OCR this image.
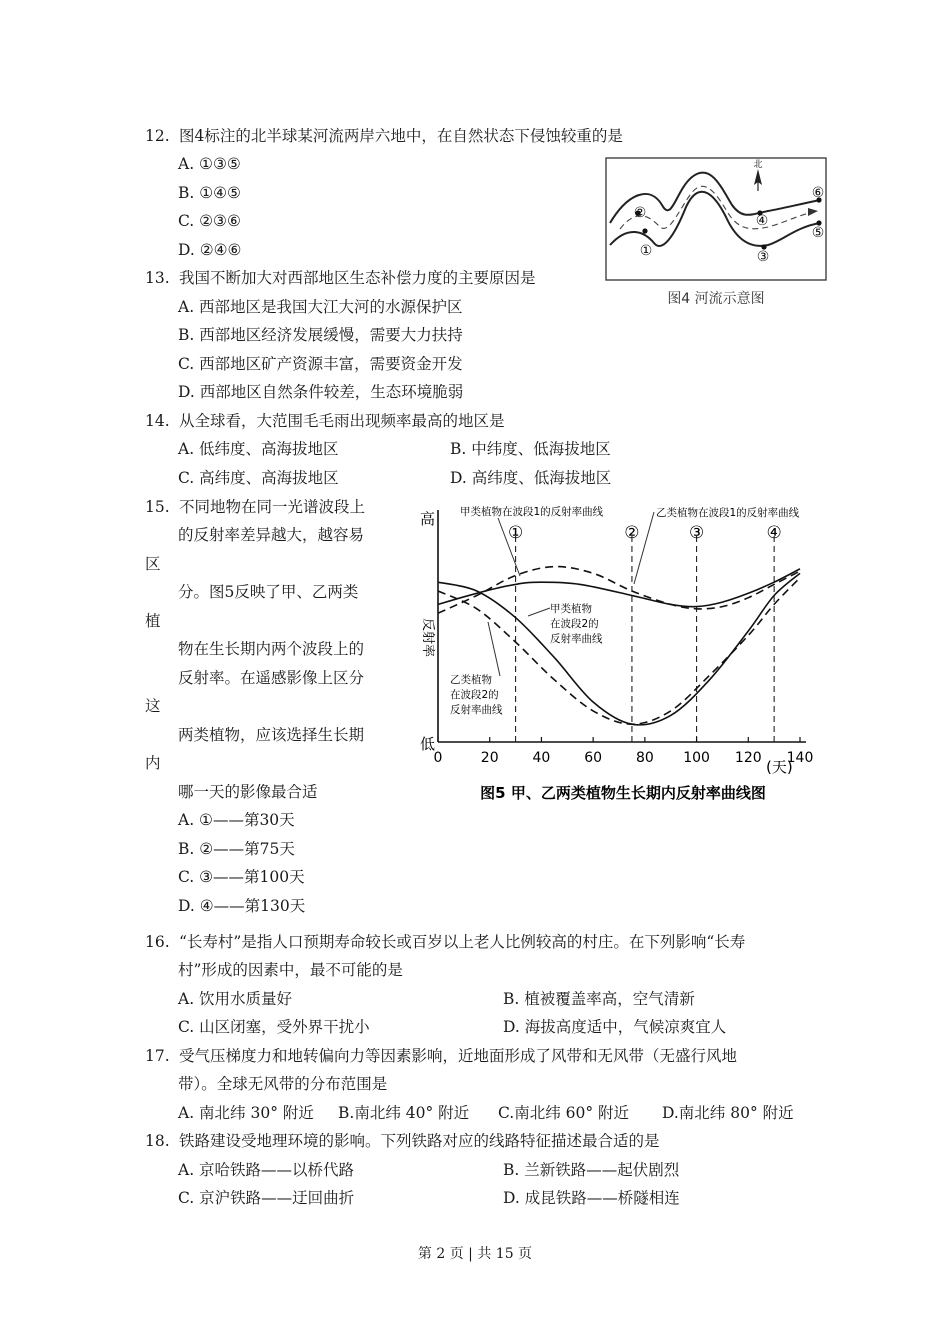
12. 图4标注的北半球某河流两岸六地中，在自然状态下侵蚀较重的是
A. ①③⑤
B. ①④⑤
C. ②③⑥
D. ②④⑥
北
①
②
③
④
⑤
⑥
图4 河流示意图
13. 我国不断加大对西部地区生态补偿力度的主要原因是
A. 西部地区是我国大江大河的水源保护区
B. 西部地区经济发展缓慢，需要大力扶持
C. 西部地区矿产资源丰富，需要资金开发
D. 西部地区自然条件较差，生态环境脆弱
14. 从全球看，大范围毛毛雨出现频率最高的地区是
A. 低纬度、高海拔地区	B. 中纬度、低海拔地区
C. 高纬度、高海拔地区	D. 高纬度、低海拔地区
15. 不同地物在同一光谱波段上
的反射率差异越大，越容易
区
分。图5反映了甲、乙两类
植
物在生长期内两个波段上的
反射率。在遥感影像上区分
这
两类植物，应该选择生长期
内
哪一天的影像最合适
A. ①——第30天
B. ②——第75天
C. ③——第100天
D. ④——第130天
①	②	③	④
0	20 40 60 80 100 120 140
高
低
(天)
反射率
甲类植物在波段1的反射率曲线	乙类植物在波段1的反射率曲线
甲类植物
在波段2的
反射率曲线
乙类植物
在波段2的
反射率曲线
图5 甲、乙两类植物生长期内反射率曲线图
16. “长寿村”是指人口预期寿命较长或百岁以上老人比例较高的村庄。在下列影响“长寿
村”形成的因素中，最不可能的是
A. 饮用水质量好	B. 植被覆盖率高，空气清新
C. 山区闭塞，受外界干扰小	D. 海拔高度适中，气候凉爽宜人
17. 受气压梯度力和地转偏向力等因素影响，近地面形成了风带和无风带（无盛行风地
带）。全球无风带的分布范围是
A. 南北纬 30° 附近 B.南北纬 40° 附近 C.南北纬 60° 附近 D.南北纬 80° 附近
18. 铁路建设受地理环境的影响。下列铁路对应的线路特征描述最合适的是
A. 京哈铁路——以桥代路	B. 兰新铁路——起伏剧烈
C. 京沪铁路——迂回曲折	D. 成昆铁路——桥隧相连
第 2 页 | 共 15 页
